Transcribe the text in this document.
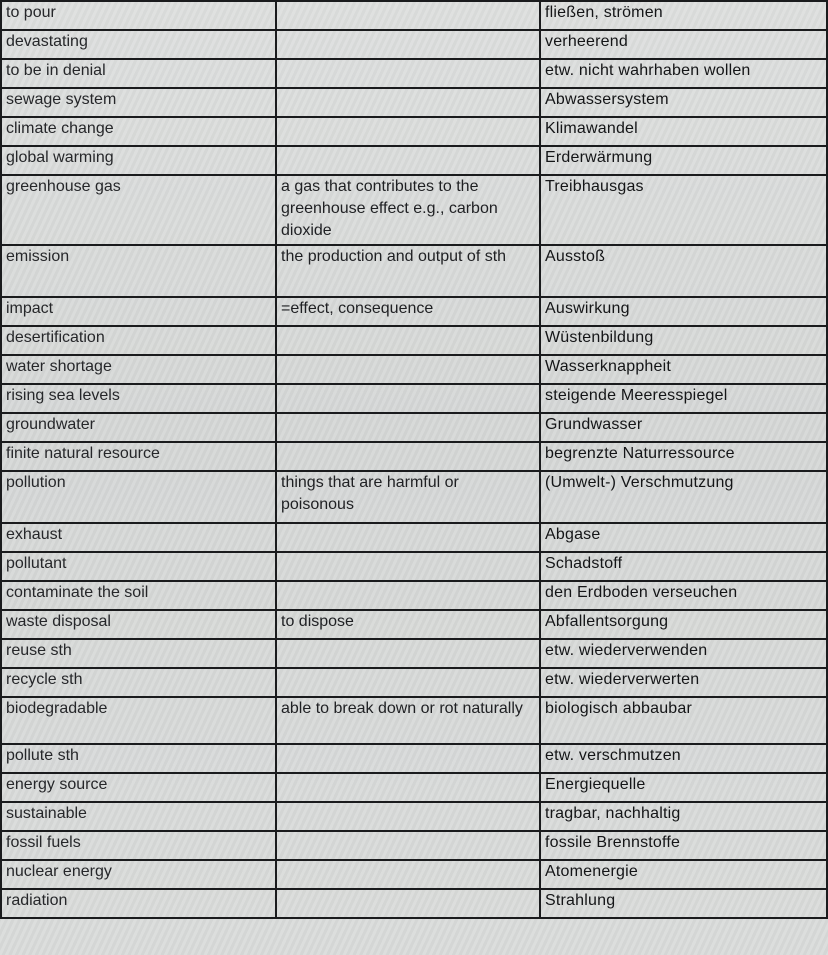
to pour		fließen, strömen
devastating		verheerend
to be in denial		etw. nicht wahrhaben wollen
sewage system		Abwassersystem
climate change		Klimawandel
global warming		Erderwärmung
greenhouse gas	a gas that contributes to the greenhouse effect e.g., carbon dioxide	Treibhausgas
emission	the production and output of sth	Ausstoß
impact	=effect, consequence	Auswirkung
desertification		Wüstenbildung
water shortage		Wasserknappheit
rising sea levels		steigende Meeresspiegel
groundwater		Grundwasser
finite natural resource		begrenzte Naturressource
pollution	things that are harmful or poisonous	(Umwelt-) Verschmutzung
exhaust		Abgase
pollutant		Schadstoff
contaminate the soil		den Erdboden verseuchen
waste disposal	to dispose	Abfallentsorgung
reuse sth		etw. wiederverwenden
recycle sth		etw. wiederverwerten
biodegradable	able to break down or rot naturally	biologisch abbaubar
pollute sth		etw. verschmutzen
energy source		Energiequelle
sustainable		tragbar, nachhaltig
fossil fuels		fossile Brennstoffe
nuclear energy		Atomenergie
radiation		Strahlung
